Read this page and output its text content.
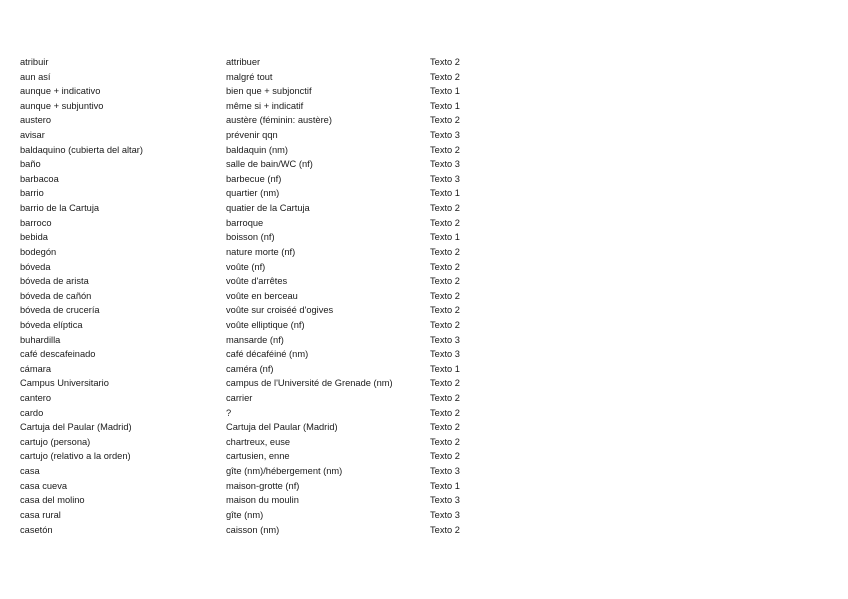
atribuir	attribuer	Texto 2
aun así	malgré tout	Texto 2
aunque + indicativo	bien que + subjonctif	Texto 1
aunque + subjuntivo	même si + indicatif	Texto 1
austero	austère (féminin: austère)	Texto 2
avisar	prévenir qqn	Texto 3
baldaquino (cubierta del altar)	baldaquin (nm)	Texto 2
baño	salle de bain/WC (nf)	Texto 3
barbacoa	barbecue (nf)	Texto 3
barrio	quartier (nm)	Texto 1
barrio de la Cartuja	quatier de la Cartuja	Texto 2
barroco	barroque	Texto 2
bebida	boisson (nf)	Texto 1
bodegón	nature morte (nf)	Texto 2
bóveda	voûte (nf)	Texto 2
bóveda de arista	voûte d'arrêtes	Texto 2
bóveda de cañón	voûte en berceau	Texto 2
bóveda de crucería	voûte sur croiséé d'ogives	Texto 2
bóveda elíptica	voûte elliptique (nf)	Texto 2
buhardilla	mansarde (nf)	Texto 3
café descafeinado	café décaféiné (nm)	Texto 3
cámara	caméra (nf)	Texto 1
Campus Universitario	campus de l'Université de Grenade (nm)	Texto 2
cantero	carrier	Texto 2
cardo	?	Texto 2
Cartuja del Paular (Madrid)	Cartuja del Paular (Madrid)	Texto 2
cartujo (persona)	chartreux, euse	Texto 2
cartujo (relativo a la orden)	cartusien, enne	Texto 2
casa	gîte (nm)/hébergement (nm)	Texto 3
casa cueva	maison-grotte (nf)	Texto 1
casa del molino	maison du moulin	Texto 3
casa rural	gîte (nm)	Texto 3
casetón	caisson (nm)	Texto 2
